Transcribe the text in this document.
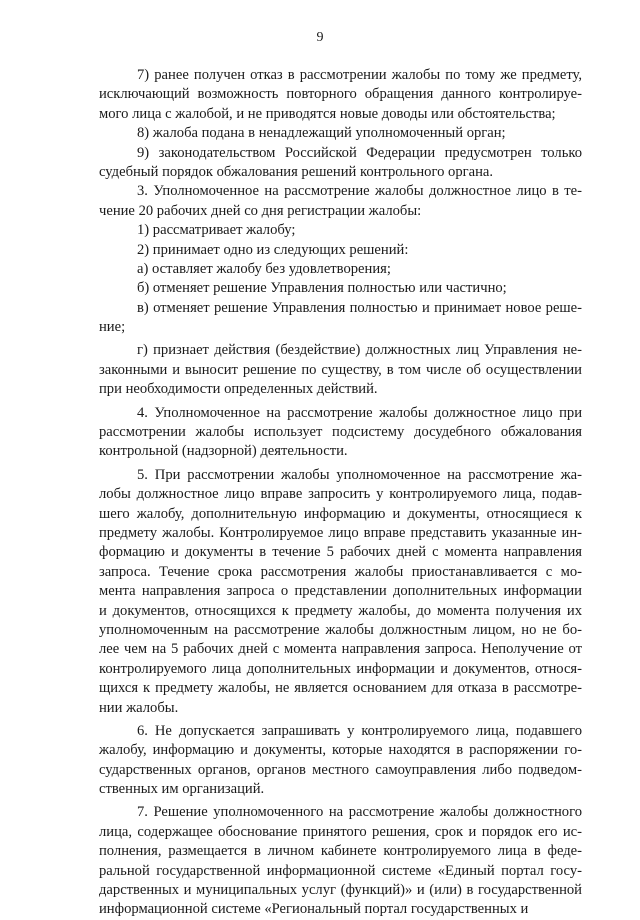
9
7) ранее получен отказ в рассмотрении жалобы по тому же предмету,
исключающий возможность повторного обращения данного контролируе-
мого лица с жалобой, и не приводятся новые доводы или обстоятельства;
8) жалоба подана в ненадлежащий уполномоченный орган;
9) законодательством Российской Федерации предусмотрен только
судебный порядок обжалования решений контрольного органа.
3. Уполномоченное на рассмотрение жалобы должностное лицо в те-
чение 20 рабочих дней со дня регистрации жалобы:
1) рассматривает жалобу;
2) принимает одно из следующих решений:
а) оставляет жалобу без удовлетворения;
б) отменяет решение Управления полностью или частично;
в) отменяет решение Управления полностью и принимает новое реше-
ние;
г) признает действия (бездействие) должностных лиц Управления не-
законными и выносит решение по существу, в том числе об осуществлении
при необходимости определенных действий.
4. Уполномоченное на рассмотрение жалобы должностное лицо при
рассмотрении жалобы использует подсистему досудебного обжалования
контрольной (надзорной) деятельности.
5. При рассмотрении жалобы уполномоченное на рассмотрение жа-
лобы должностное лицо вправе запросить у контролируемого лица, подав-
шего жалобу, дополнительную информацию и документы, относящиеся к
предмету жалобы. Контролируемое лицо вправе представить указанные ин-
формацию и документы в течение 5 рабочих дней с момента направления
запроса. Течение срока рассмотрения жалобы приостанавливается с мо-
мента направления запроса о представлении дополнительных информации
и документов, относящихся к предмету жалобы, до момента получения их
уполномоченным на рассмотрение жалобы должностным лицом, но не бо-
лее чем на 5 рабочих дней с момента направления запроса. Неполучение от
контролируемого лица дополнительных информации и документов, относя-
щихся к предмету жалобы, не является основанием для отказа в рассмотре-
нии жалобы.
6. Не допускается запрашивать у контролируемого лица, подавшего
жалобу, информацию и документы, которые находятся в распоряжении го-
сударственных органов, органов местного самоуправления либо подведом-
ственных им организаций.
7. Решение уполномоченного на рассмотрение жалобы должностного
лица, содержащее обоснование принятого решения, срок и порядок его ис-
полнения, размещается в личном кабинете контролируемого лица в феде-
ральной государственной информационной системе «Единый портал госу-
дарственных и муниципальных услуг (функций)» и (или) в государственной
информационной системе «Региональный портал государственных и
